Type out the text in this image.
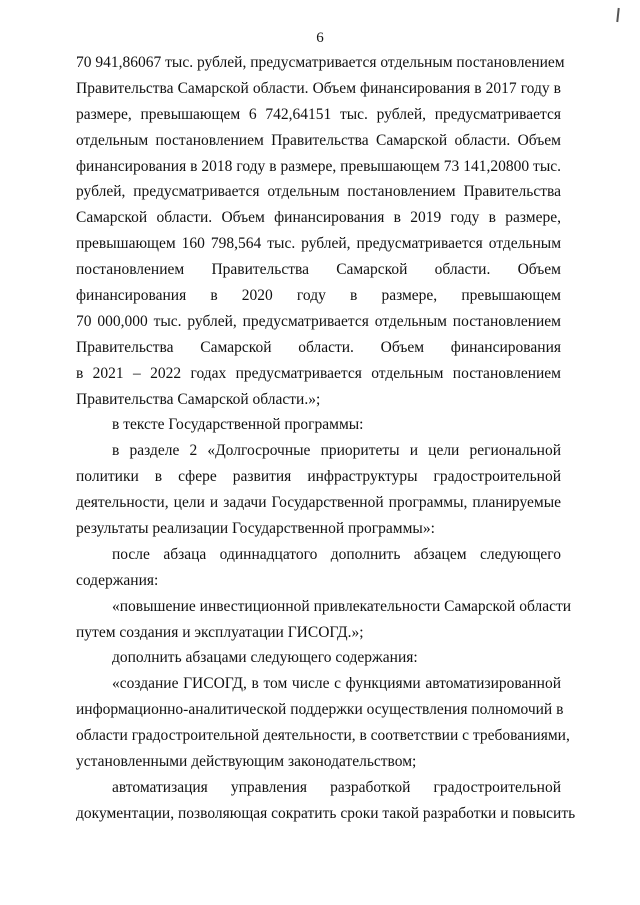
6
70 941,86067 тыс. рублей, предусматривается отдельным постановлением
Правительства Самарской области. Объем финансирования в 2017 году в
размере, превышающем 6 742,64151 тыс. рублей, предусматривается
отдельным постановлением Правительства Самарской области. Объем
финансирования в 2018 году в размере, превышающем 73 141,20800 тыс.
рублей, предусматривается отдельным постановлением Правительства
Самарской области. Объем финансирования в 2019 году в размере,
превышающем 160 798,564 тыс. рублей, предусматривается отдельным
постановлением Правительства Самарской области. Объем
финансирования в 2020 году в размере, превышающем
70 000,000 тыс. рублей, предусматривается отдельным постановлением
Правительства Самарской области. Объем финансирования
в 2021 – 2022 годах предусматривается отдельным постановлением
Правительства Самарской области.»;
в тексте Государственной программы:
в разделе 2 «Долгосрочные приоритеты и цели региональной
политики в сфере развития инфраструктуры градостроительной
деятельности, цели и задачи Государственной программы, планируемые
результаты реализации Государственной программы»:
после абзаца одиннадцатого дополнить абзацем следующего
содержания:
«повышение инвестиционной привлекательности Самарской области
путем создания и эксплуатации ГИСОГД.»;
дополнить абзацами следующего содержания:
«создание ГИСОГД, в том числе с функциями автоматизированной
информационно-аналитической поддержки осуществления полномочий в
области градостроительной деятельности, в соответствии с требованиями,
установленными действующим законодательством;
автоматизация управления разработкой градостроительной
документации, позволяющая сократить сроки такой разработки и повысить
